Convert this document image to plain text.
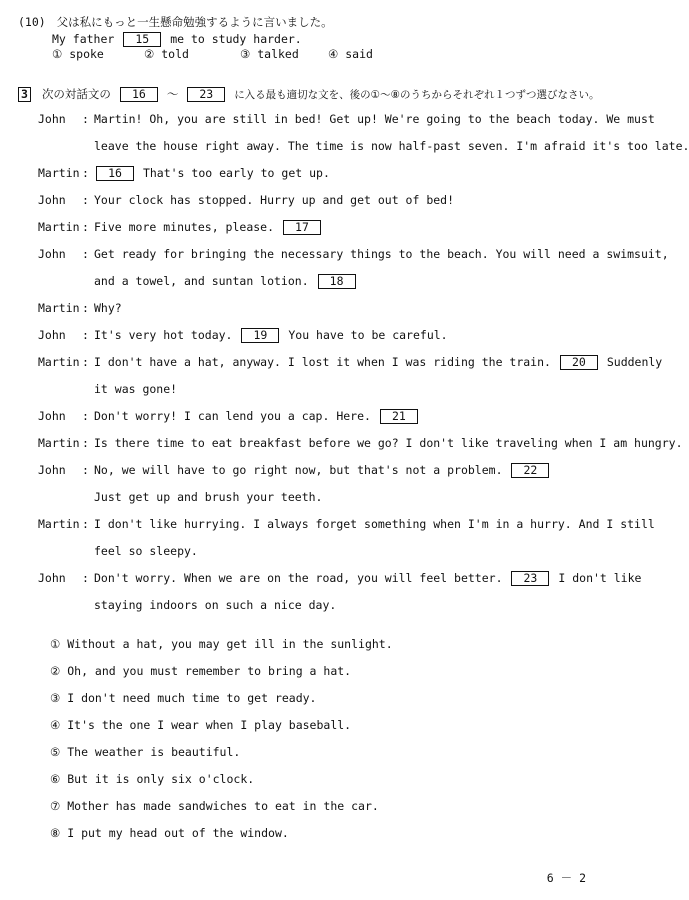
(10) 父は私にもっと一生懸命勉強するように言いました。
My father 15 me to study harder.
① spoke	② told	③ talked	④ said
3 次の対話文の 16 ～ 23 に入る最も適切な文を、後の①～⑧のうちからそれぞれ１つずつ選びなさい。
John : Martin! Oh, you are still in bed! Get up! We're going to the beach today. We must
leave the house right away. The time is now half-past seven. I'm afraid it's too late.
Martin :	16 That's too early to get up.
John : Your clock has stopped. Hurry up and get out of bed!
Martin : Five more minutes, please. 17
John : Get ready for bringing the necessary things to the beach. You will need a swimsuit,
and a towel, and suntan lotion. 18
Martin : Why?
John : It's very hot today. 19 You have to be careful.
Martin : I don't have a hat, anyway. I lost it when I was riding the train. 20 Suddenly
it was gone!
John : Don't worry! I can lend you a cap. Here. 21
Martin : Is there time to eat breakfast before we go? I don't like traveling when I am hungry.
John : No, we will have to go right now, but that's not a problem. 22
Just get up and brush your teeth.
Martin : I don't like hurrying. I always forget something when I'm in a hurry. And I still
feel so sleepy.
John : Don't worry. When we are on the road, you will feel better. 23 I don't like
staying indoors on such a nice day.
① Without a hat, you may get ill in the sunlight.
② Oh, and you must remember to bring a hat.
③ I don't need much time to get ready.
④ It's the one I wear when I play baseball.
⑤ The weather is beautiful.
⑥ But it is only six o'clock.
⑦ Mother has made sandwiches to eat in the car.
⑧ I put my head out of the window.
6 － 2
